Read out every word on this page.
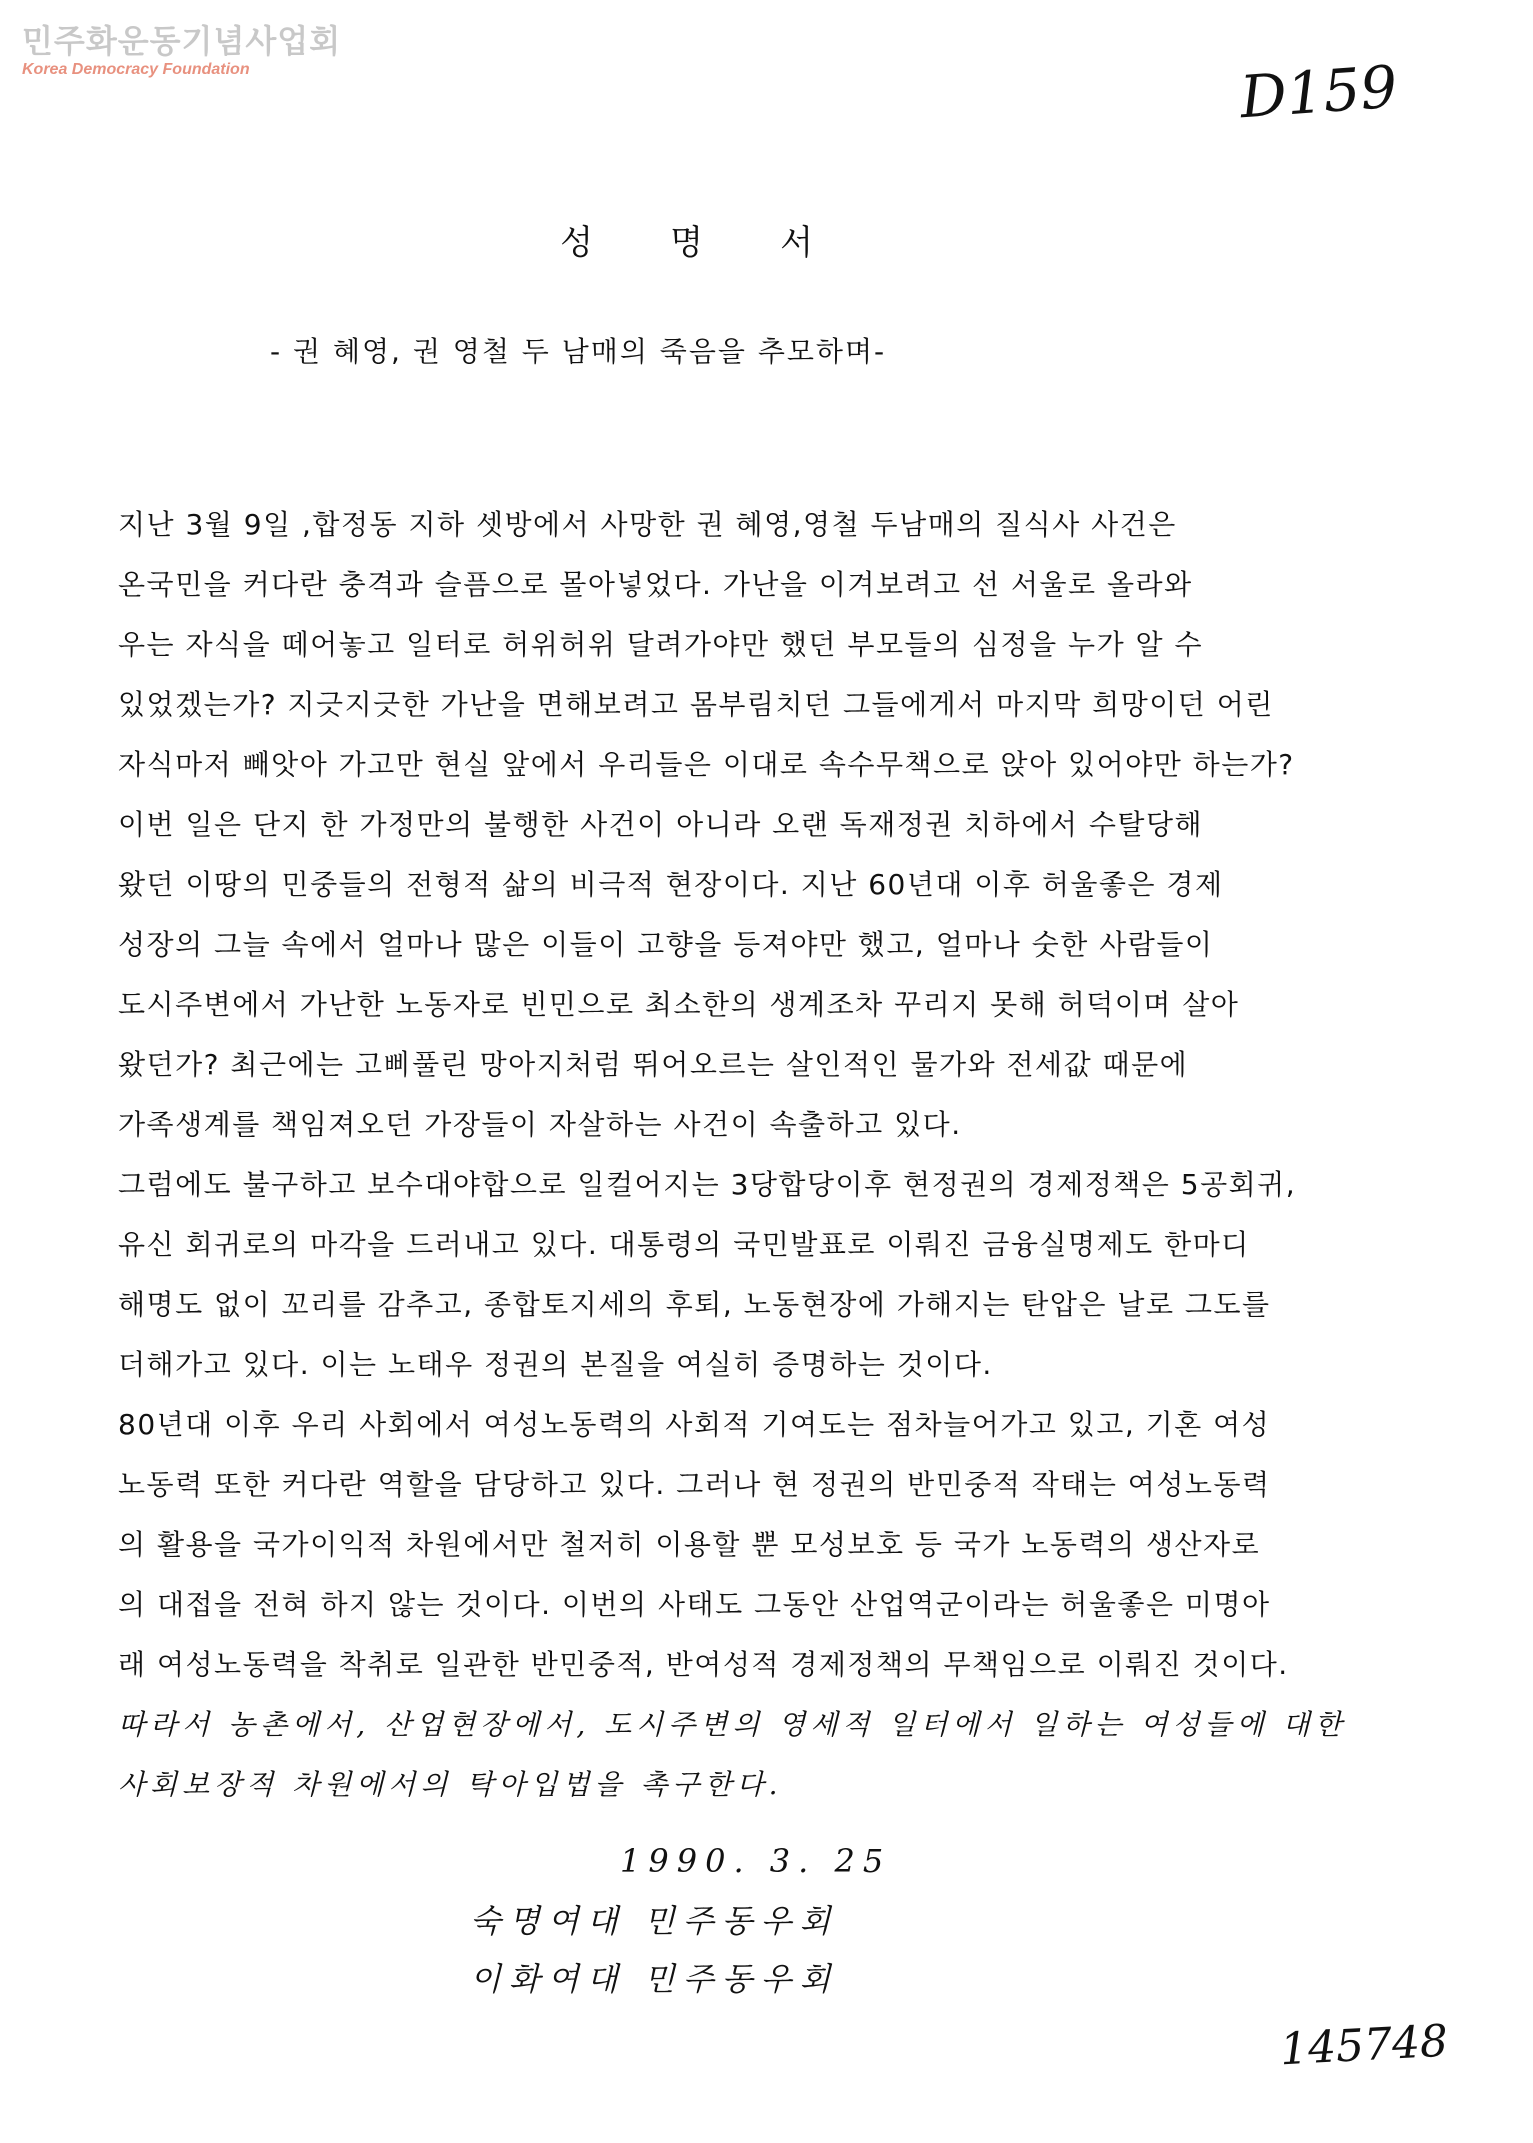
민주화운동기념사업회
Korea Democracy Foundation	D159
성 명 서
- 권 혜영, 권 영철 두 남매의 죽음을 추모하며-
지난 3월 9일 ,합정동 지하 셋방에서 사망한 권 혜영,영철 두남매의 질식사 사건은
온국민을 커다란 충격과 슬픔으로 몰아넣었다. 가난을 이겨보려고 선 서울로 올라와
우는 자식을 떼어놓고 일터로 허위허위 달려가야만 했던 부모들의 심정을 누가 알 수
있었겠는가? 지긋지긋한 가난을 면해보려고 몸부림치던 그들에게서 마지막 희망이던 어린
자식마저 빼앗아 가고만 현실 앞에서 우리들은 이대로 속수무책으로 앉아 있어야만 하는가?
이번 일은 단지 한 가정만의 불행한 사건이 아니라 오랜 독재정권 치하에서 수탈당해
왔던 이땅의 민중들의 전형적 삶의 비극적 현장이다. 지난 60년대 이후 허울좋은 경제
성장의 그늘 속에서 얼마나 많은 이들이 고향을 등져야만 했고, 얼마나 숫한 사람들이
도시주변에서 가난한 노동자로 빈민으로 최소한의 생계조차 꾸리지 못해 허덕이며 살아
왔던가? 최근에는 고삐풀린 망아지처럼 뛰어오르는 살인적인 물가와 전세값 때문에
가족생계를 책임져오던 가장들이 자살하는 사건이 속출하고 있다.
그럼에도 불구하고 보수대야합으로 일컬어지는 3당합당이후 현정권의 경제정책은 5공회귀,
유신 회귀로의 마각을 드러내고 있다. 대통령의 국민발표로 이뤄진 금융실명제도 한마디
해명도 없이 꼬리를 감추고, 종합토지세의 후퇴, 노동현장에 가해지는 탄압은 날로 그도를
더해가고 있다. 이는 노태우 정권의 본질을 여실히 증명하는 것이다.
80년대 이후 우리 사회에서 여성노동력의 사회적 기여도는 점차늘어가고 있고, 기혼 여성
노동력 또한 커다란 역할을 담당하고 있다. 그러나 현 정권의 반민중적 작태는 여성노동력
의 활용을 국가이익적 차원에서만 철저히 이용할 뿐 모성보호 등 국가 노동력의 생산자로
의 대접을 전혀 하지 않는 것이다. 이번의 사태도 그동안 산업역군이라는 허울좋은 미명아
래 여성노동력을 착취로 일관한 반민중적, 반여성적 경제정책의 무책임으로 이뤄진 것이다.
따라서 농촌에서, 산업현장에서, 도시주변의 영세적 일터에서 일하는 여성들에 대한
사회보장적 차원에서의 탁아입법을 촉구한다.
1990. 3. 25
숙명여대 민주동우회
이화여대 민주동우회
145748
